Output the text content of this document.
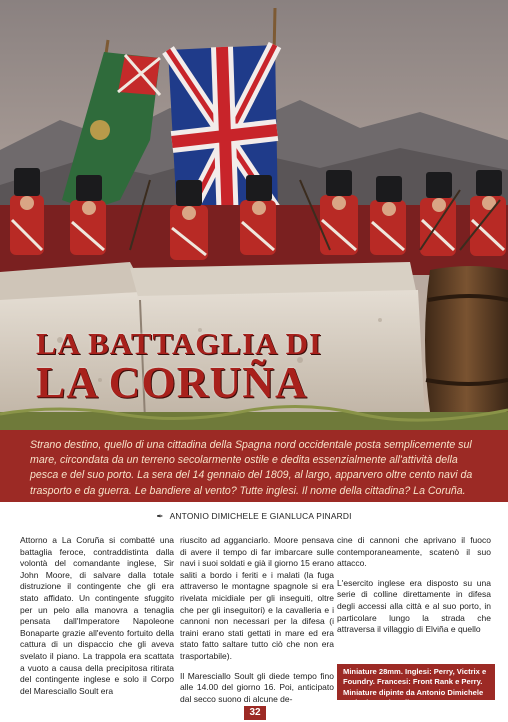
LA BATTAGLIA DI
LA CORUÑA

Strano destino, quello di una cittadina della Spagna nord occidentale posta semplicemente sul mare, circondata da un terreno secolarmente ostile e dedita essenzialmente all'attività della pesca e del suo porto. La sera del 14 gennaio del 1809, al largo, apparvero oltre cento navi da trasporto e da guerra. Le bandiere al vento? Tutte inglesi. Il nome della cittadina? La Coruña.

✒ ANTONIO DIMICHELE E GIANLUCA PINARDI

Attorno a La Coruña si combatté una battaglia feroce, contraddistinta dalla volontà del comandante inglese, Sir John Moore, di salvare dalla totale distruzione il contingente che gli era stato affidato. Un contingente sfuggito per un pelo alla manovra a tenaglia pensata dall'Imperatore Napoleone Bonaparte grazie all'evento fortuito della cattura di un dispaccio che gli aveva svelato il piano. La trappola era scattata a vuoto a causa della precipitosa ritirata del contingente inglese e solo il Corpo del Maresciallo Soult era

riuscito ad agganciarlo. Moore pensava di avere il tempo di far imbarcare sulle navi i suoi soldati e già il giorno 15 erano saliti a bordo i feriti e i malati (la fuga attraverso le montagne spagnole si era rivelata micidiale per gli inseguiti, oltre che per gli inseguitori) e la cavalleria e i cannoni non necessari per la difesa (i traini erano stati gettati in mare ed era stato fatto saltare tutto ciò che non era trasportabile).

Il Maresciallo Soult gli diede tempo fino alle 14.00 del giorno 16. Poi, anticipato dal secco suono di alcune de-

cine di cannoni che aprivano il fuoco contemporaneamente, scatenò il suo attacco.

L'esercito inglese era disposto su una serie di colline direttamente in difesa degli accessi alla città e al suo porto, in particolare lungo la strada che attraversa il villaggio di Elviña e quello

Miniature 28mm. Inglesi: Perry, Victrix e Foundry. Francesi: Front Rank e Perry. Miniature dipinte da Antonio Dimichele e Gianluca Pinardi.
32
